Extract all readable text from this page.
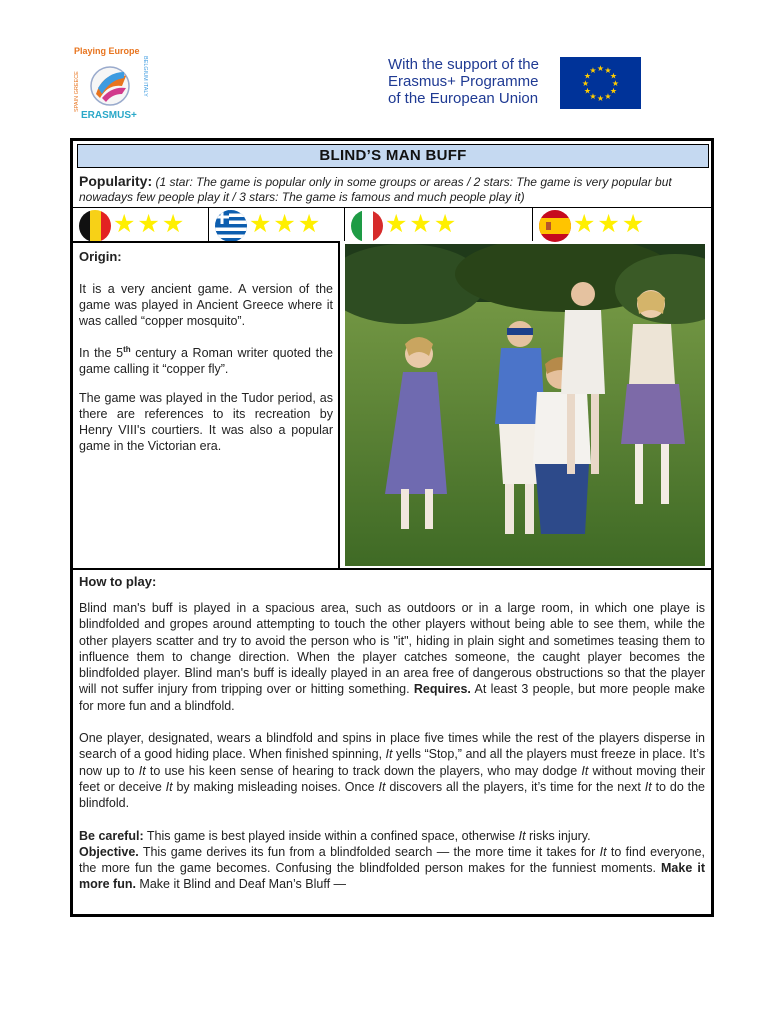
Playing Europe
ERASMUS+
SPAIN GREECE	BELGIUM ITALY	With the support of the
Erasmus+ Programme
of the European Union
★ ★
★
★
★
★
★
★
★
★
★
★
BLIND’S MAN BUFF
Popularity: (1 star: The game is popular only in some groups or areas / 2 stars: The game is very popular but nowadays few people play it / 3 stars: The game is famous and much people play it)
★★★	★★★	★★★	★★★
Origin:

It is a very ancient game. A version of the game was played in Ancient Greece where it was called “copper mosquito”.

In the 5th century a Roman writer quoted the game calling it “copper fly”.

The game was played in the Tudor period, as there are references to its recreation by Henry VIII's courtiers. It was also a popular game in the Victorian era.

How to play:

Blind man's buff is played in a spacious area, such as outdoors or in a large room, in which one playe is blindfolded and gropes around attempting to touch the other players without being able to see them, while the other players scatter and try to avoid the person who is "it", hiding in plain sight and sometimes teasing them to influence them to change direction. When the player catches someone, the caught player becomes the blindfolded player. Blind man's buff is ideally played in an area free of dangerous obstructions so that the player will not suffer injury from tripping over or hitting something. Requires. At least 3 people, but more people make for more fun and a blindfold.

One player, designated, wears a blindfold and spins in place five times while the rest of the players disperse in search of a good hiding place. When finished spinning, It yells “Stop,” and all the players must freeze in place. It’s now up to It to use his keen sense of hearing to track down the players, who may dodge It without moving their feet or deceive It by making misleading noises. Once It discovers all the players, it’s time for the next It to do the blindfold.

Be careful: This game is best played inside within a confined space, otherwise It risks injury.
Objective. This game derives its fun from a blindfolded search — the more time it takes for It to find everyone, the more fun the game becomes. Confusing the blindfolded person makes for the funniest moments. Make it more fun. Make it Blind and Deaf Man’s Bluff —
